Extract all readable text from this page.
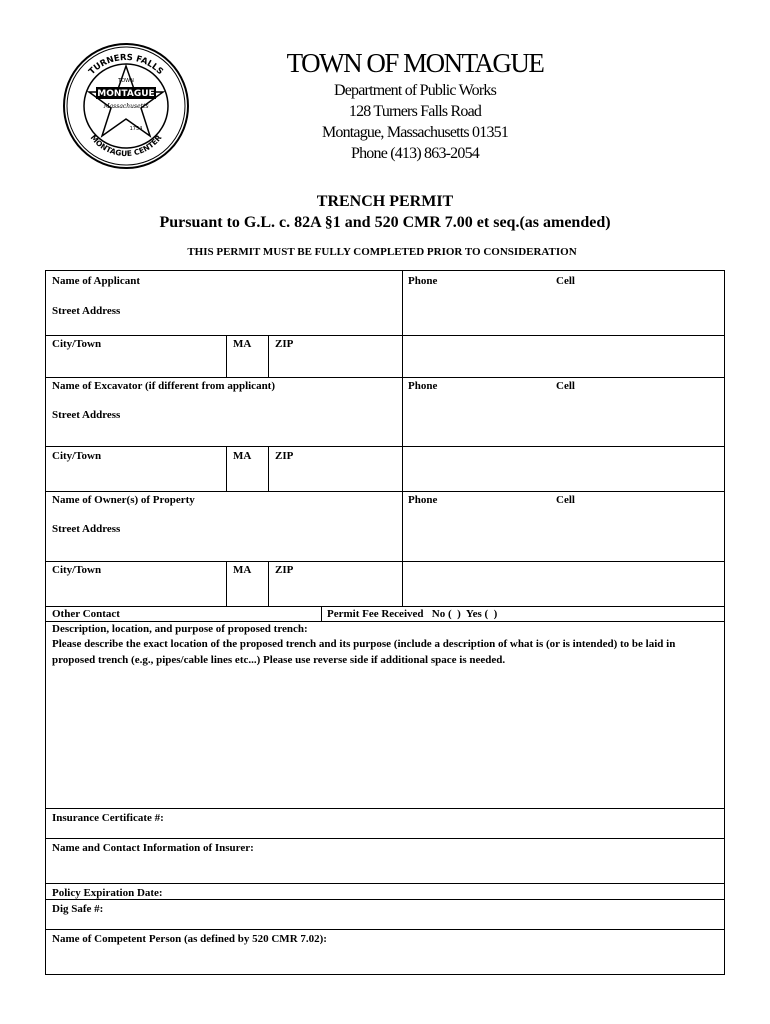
TURNERS FALLS
MONTAGUE CENTER
MONTAGUE
TOWN
Massachusetts
1754
TOWN OF MONTAGUE
Department of Public Works
128 Turners Falls Road
Montague, Massachusetts 01351
Phone (413) 863-2054
TRENCH PERMIT
Pursuant to G.L. c. 82A §1 and 520 CMR 7.00 et seq.(as amended)
THIS PERMIT MUST BE FULLY COMPLETED PRIOR TO CONSIDERATION
Name of Applicant	Phone	Cell
Street Address
City/Town	MA ZIP
Name of Excavator (if different from applicant)	Phone	Cell
Street Address
City/Town	MA ZIP
Name of Owner(s) of Property	Phone	Cell
Street Address
City/Town	MA ZIP
Other Contact	Permit Fee Received   No (  )  Yes (  )
Description, location, and purpose of proposed trench:
Please describe the exact location of the proposed trench and its purpose (include a description of what is (or is intended) to be laid in proposed trench (e.g., pipes/cable lines etc...) Please use reverse side if additional space is needed.
Insurance Certificate #:
Name and Contact Information of Insurer:
Policy Expiration Date:
Dig Safe #:
Name of Competent Person (as defined by 520 CMR 7.02):
